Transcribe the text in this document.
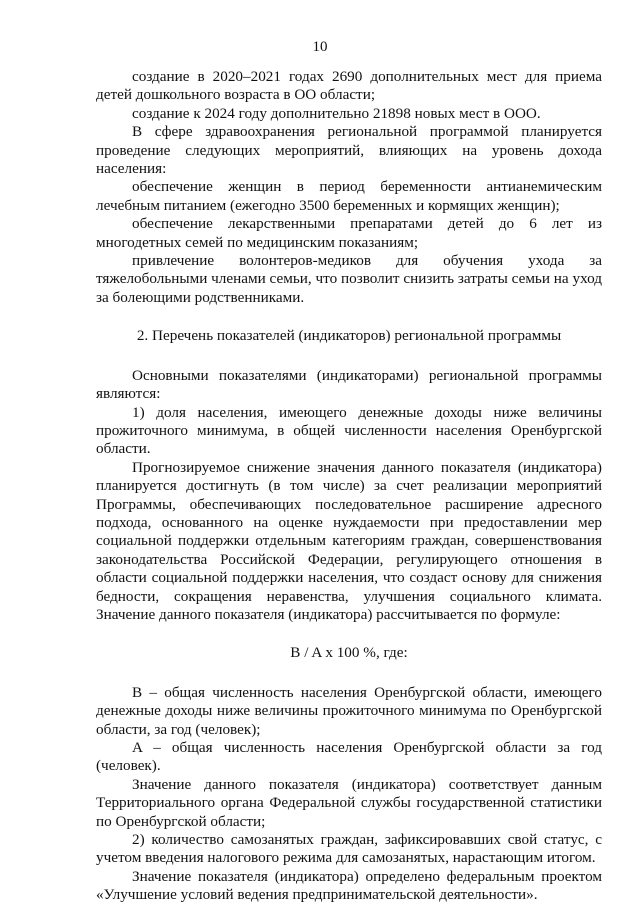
10

создание в 2020–2021 годах 2690 дополнительных мест для приема детей дошкольного возраста в ОО области;

создание к 2024 году дополнительно 21898 новых мест в ООО.

В сфере здравоохранения региональной программой планируется проведение следующих мероприятий, влияющих на уровень дохода населения:

обеспечение женщин в период беременности антианемическим лечебным питанием (ежегодно 3500 беременных и кормящих женщин);

обеспечение лекарственными препаратами детей до 6 лет из многодетных семей по медицинским показаниям;

привлечение волонтеров-медиков для обучения ухода за тяжелобольными членами семьи, что позволит снизить затраты семьи на уход за болеющими родственниками.

2. Перечень показателей (индикаторов) региональной программы

Основными показателями (индикаторами) региональной программы являются:

1) доля населения, имеющего денежные доходы ниже величины прожиточного минимума, в общей численности населения Оренбургской области.

Прогнозируемое снижение значения данного показателя (индикатора) планируется достигнуть (в том числе) за счет реализации мероприятий Программы, обеспечивающих последовательное расширение адресного подхода, основанного на оценке нуждаемости при предоставлении мер социальной поддержки отдельным категориям граждан, совершенствования законодательства Российской Федерации, регулирующего отношения в области социальной поддержки населения, что создаст основу для снижения бедности, сокращения неравенства, улучшения социального климата. Значение данного показателя (индикатора) рассчитывается по формуле:

B / A x 100 %, где:

B – общая численность населения Оренбургской области, имеющего денежные доходы ниже величины прожиточного минимума по Оренбургской области, за год (человек);

A – общая численность населения Оренбургской области за год (человек).

Значение данного показателя (индикатора) соответствует данным Территориального органа Федеральной службы государственной статистики по Оренбургской области;

2) количество самозанятых граждан, зафиксировавших свой статус, с учетом введения налогового режима для самозанятых, нарастающим итогом.

Значение показателя (индикатора) определено федеральным проектом «Улучшение условий ведения предпринимательской деятельности».
